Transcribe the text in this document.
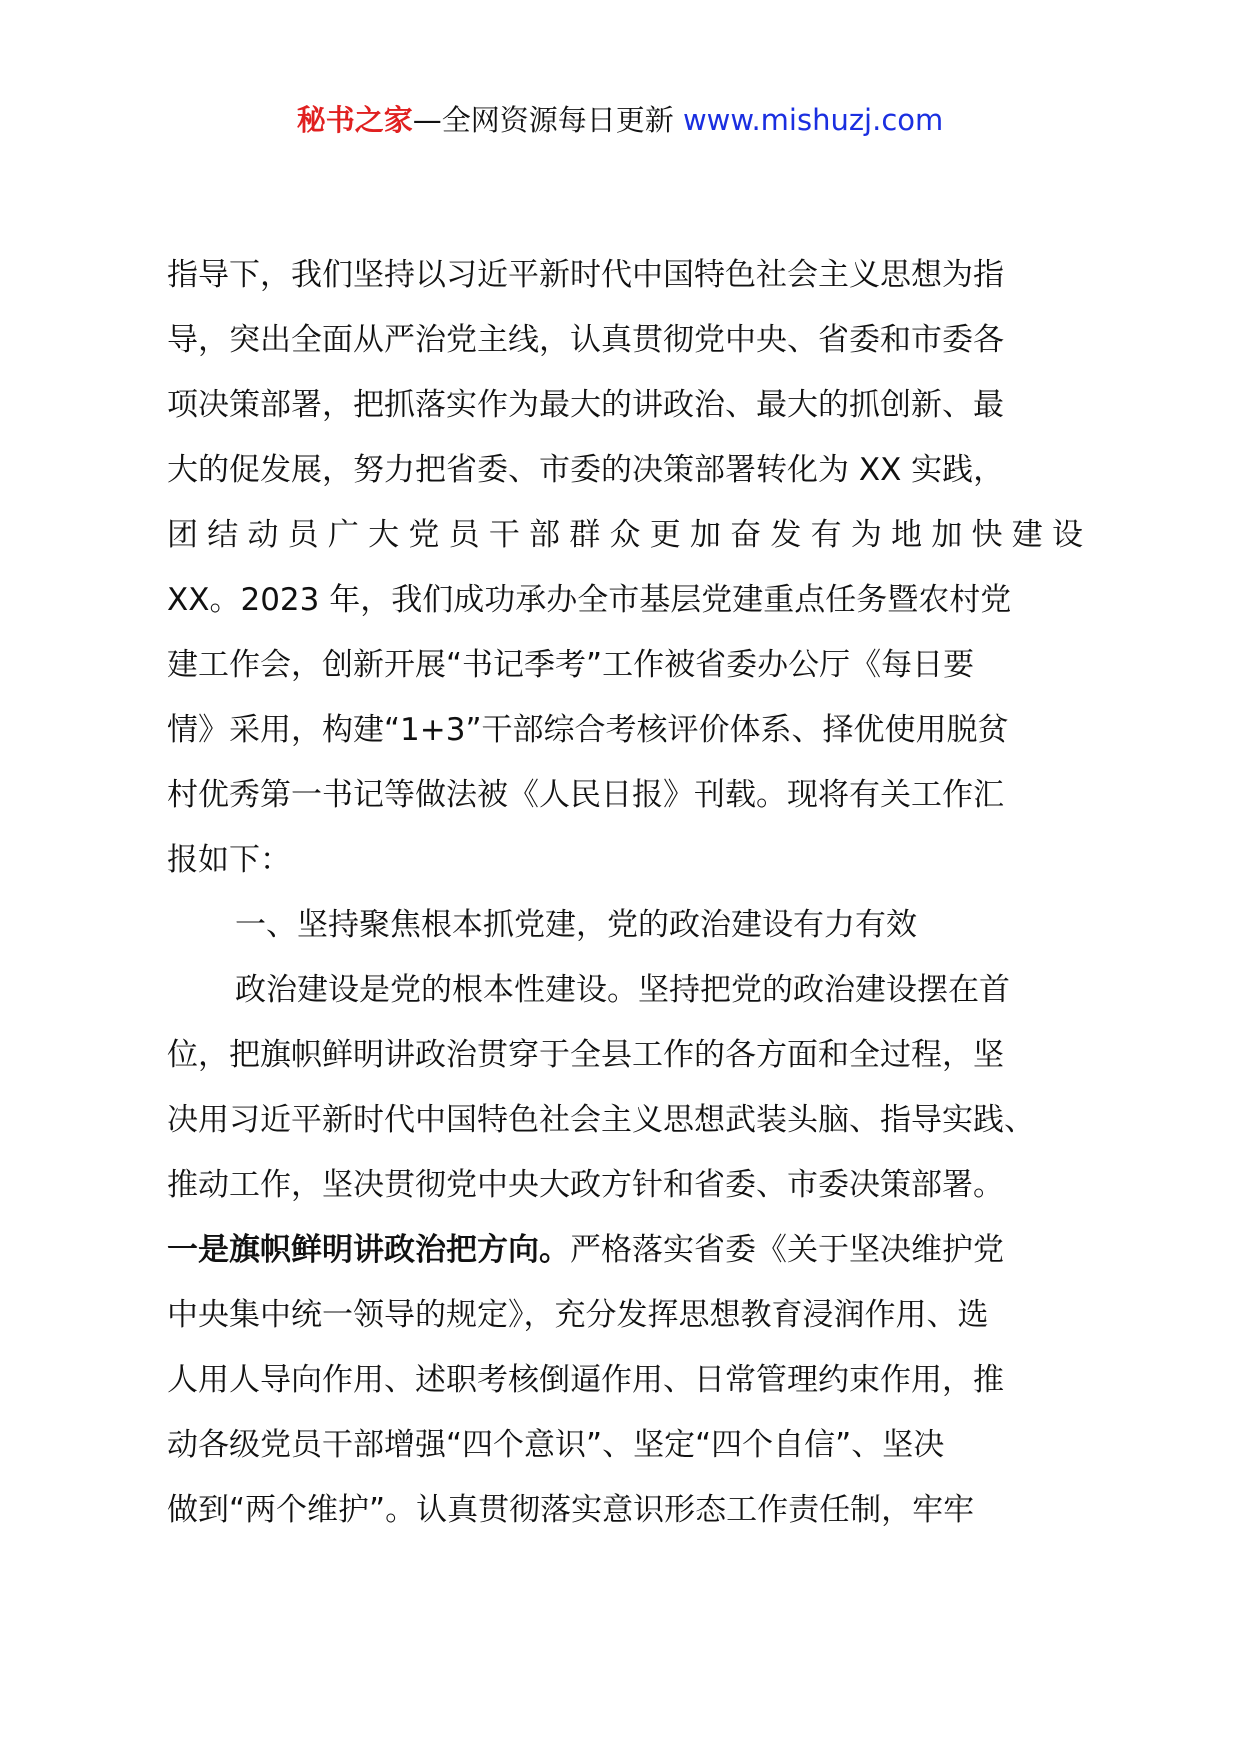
秘书之家—全网资源每日更新 www.mishuzj.com
指导下，我们坚持以习近平新时代中国特色社会主义思想为指
导，突出全面从严治党主线，认真贯彻党中央、省委和市委各
项决策部署，把抓落实作为最大的讲政治、最大的抓创新、最
大的促发展，努力把省委、市委的决策部署转化为 XX 实践，
团结动员广大党员干部群众更加奋发有为地加快建设
XX。2023 年，我们成功承办全市基层党建重点任务暨农村党
建工作会，创新开展“书记季考”工作被省委办公厅《每日要
情》采用，构建“1+3”干部综合考核评价体系、择优使用脱贫
村优秀第一书记等做法被《人民日报》刊载。现将有关工作汇
报如下：
一、坚持聚焦根本抓党建，党的政治建设有力有效
政治建设是党的根本性建设。坚持把党的政治建设摆在首
位，把旗帜鲜明讲政治贯穿于全县工作的各方面和全过程，坚
决用习近平新时代中国特色社会主义思想武装头脑、指导实践、
推动工作，坚决贯彻党中央大政方针和省委、市委决策部署。
一是旗帜鲜明讲政治把方向。严格落实省委《关于坚决维护党
中央集中统一领导的规定》，充分发挥思想教育浸润作用、选
人用人导向作用、述职考核倒逼作用、日常管理约束作用，推
动各级党员干部增强“四个意识”、坚定“四个自信”、坚决
做到“两个维护”。认真贯彻落实意识形态工作责任制，牢牢
